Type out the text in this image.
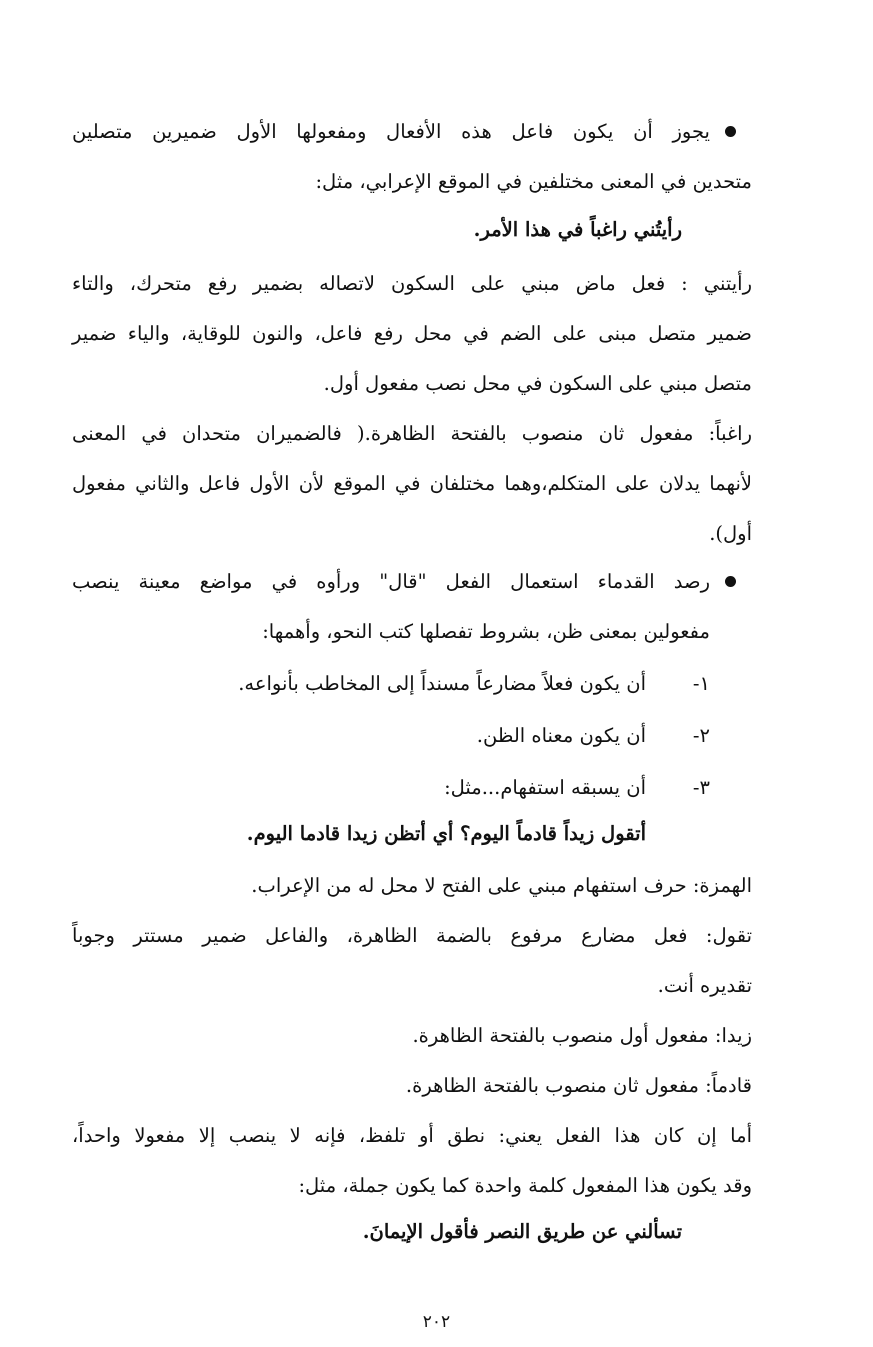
يجوز أن يكون فاعل هذه الأفعال ومفعولها الأول ضميرين متصلين
متحدين في المعنى مختلفين في الموقع الإعرابي، مثل:
رأيتُني راغباً في هذا الأمر.
رأيتني : فعل ماض مبني على السكون لاتصاله بضمير رفع متحرك، والتاء
ضمير متصل مبنى على الضم في محل رفع فاعل، والنون للوقاية، والياء ضمير
متصل مبني على السكون في محل نصب مفعول أول.
راغباً: مفعول ثان منصوب بالفتحة الظاهرة.( فالضميران متحدان في المعنى
لأنهما يدلان على المتكلم،وهما مختلفان في الموقع لأن الأول فاعل والثاني مفعول
أول).
رصد القدماء استعمال الفعل "قال" ورأوه في مواضع معينة ينصب
مفعولين بمعنى ظن، بشروط تفصلها كتب النحو، وأهمها:
١-
أن يكون فعلاً مضارعاً مسنداً إلى المخاطب بأنواعه.
٢-
أن يكون معناه الظن.
٣-
أن يسبقه استفهام...مثل:
أتقول زيداً قادماً اليوم؟ أي أتظن زيدا قادما اليوم.
الهمزة: حرف استفهام مبني على الفتح لا محل له من الإعراب.
تقول: فعل مضارع مرفوع بالضمة الظاهرة، والفاعل ضمير مستتر وجوباً
تقديره أنت.
زيدا: مفعول أول منصوب بالفتحة الظاهرة.
قادماً: مفعول ثان منصوب بالفتحة الظاهرة.
أما إن كان هذا الفعل يعني: نطق أو تلفظ، فإنه لا ينصب إلا مفعولا واحداً،
وقد يكون هذا المفعول كلمة واحدة كما يكون جملة، مثل:
تسألني عن طريق النصر فأقول الإيمانَ.
٢٠٢
